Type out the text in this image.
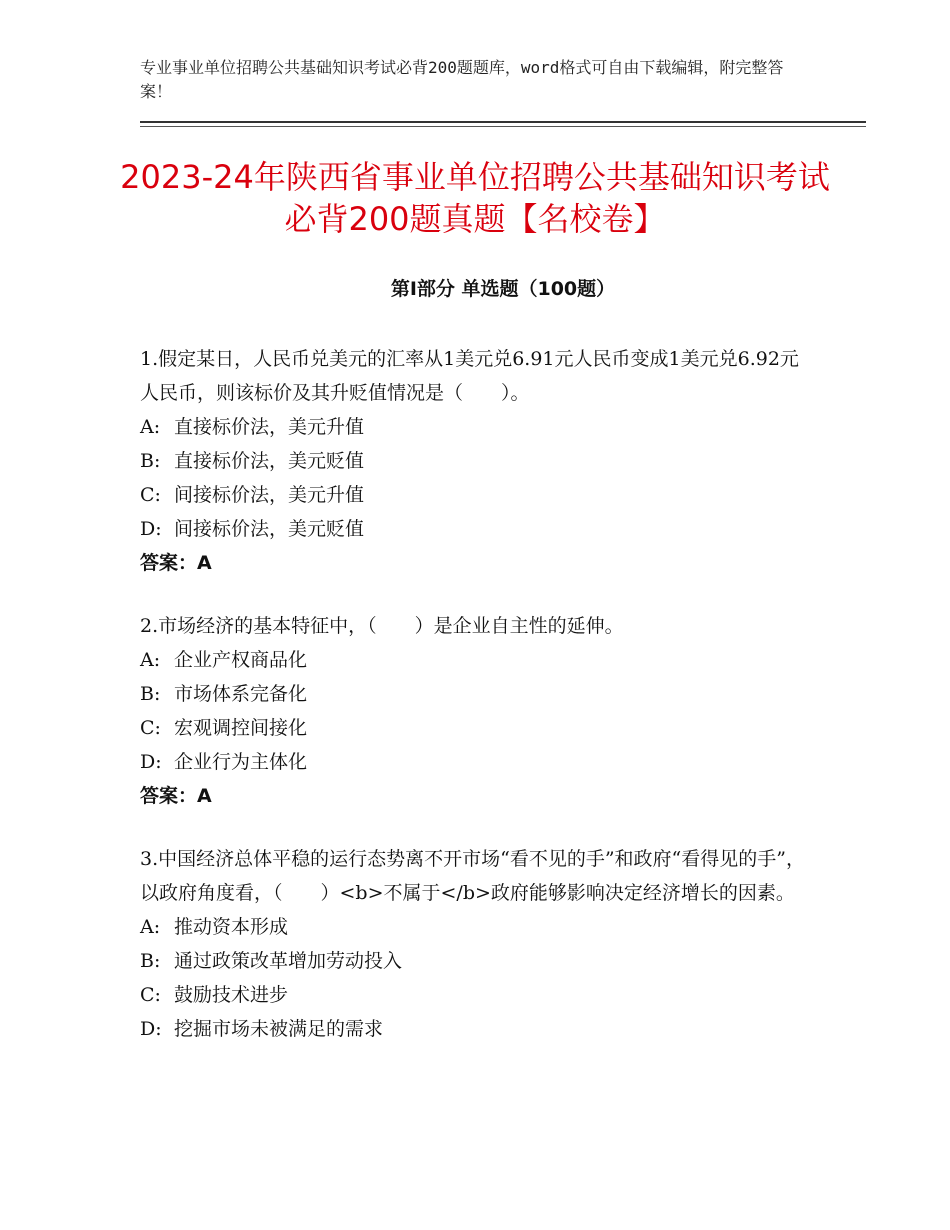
专业事业单位招聘公共基础知识考试必背200题题库，word格式可自由下载编辑，附完整答案！
2023-24年陕西省事业单位招聘公共基础知识考试必背200题真题【名校卷】
第Ⅰ部分 单选题（100题）

1.假定某日，人民币兑美元的汇率从1美元兑6.91元人民币变成1美元兑6.92元人民币，则该标价及其升贬值情况是（　　）。

A: 直接标价法，美元升值
B: 直接标价法，美元贬值
C: 间接标价法，美元升值
D: 间接标价法，美元贬值
答案：A

2.市场经济的基本特征中，（　　）是企业自主性的延伸。

A: 企业产权商品化
B: 市场体系完备化
C: 宏观调控间接化
D: 企业行为主体化
答案：A

3.中国经济总体平稳的运行态势离不开市场“看不见的手”和政府“看得见的手”，以政府角度看，（　　）<b>不属于</b>政府能够影响决定经济增长的因素。

A: 推动资本形成
B: 通过政策改革增加劳动投入
C: 鼓励技术进步
D: 挖掘市场未被满足的需求
